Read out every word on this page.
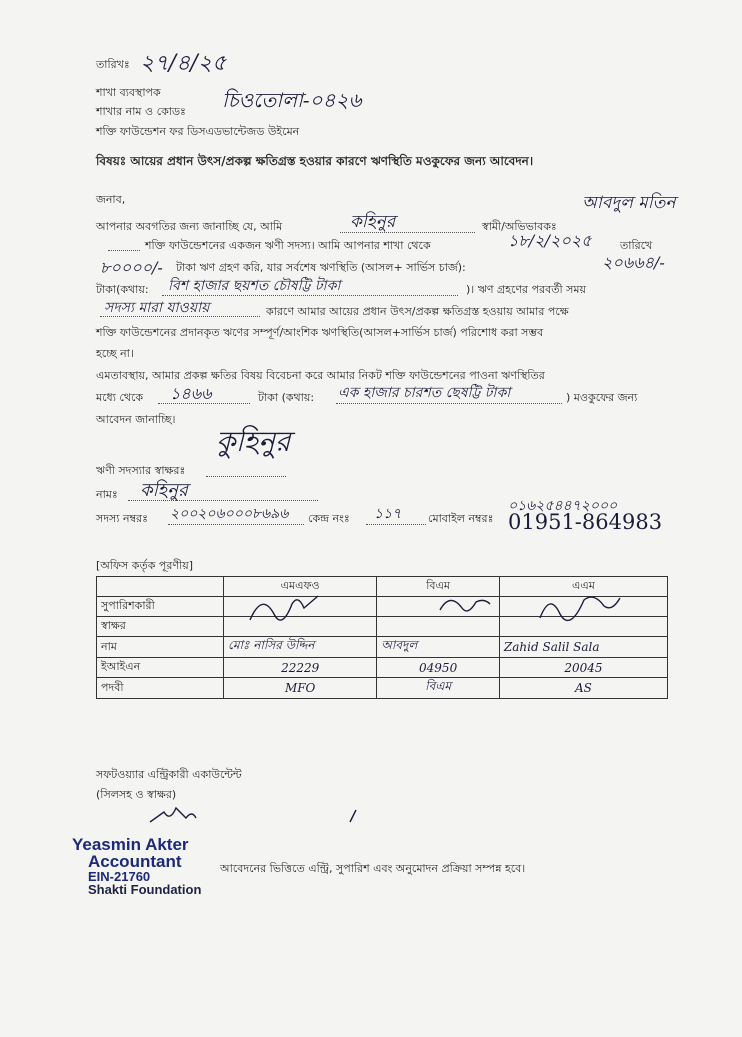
তারিখঃ ২৭/৪/২৫
শাখা ব্যবস্থাপক
শাখার নাম ও কোডঃ চিওতোলা-০৪২৬
শক্তি ফাউন্ডেশন ফর ডিসএডভান্টেজড উইমেন
বিষয়ঃ আয়ের প্রধান উৎস/প্রকল্প ক্ষতিগ্রস্ত হওয়ার কারণে ঋণস্থিতি মওকুফের জন্য আবেদন।
জনাব,
আপনার অবগতির জন্য জানাচ্ছি যে, আমি	কহিনুর	স্বামী/অভিভাবকঃ
আবদুল মতিন
শক্তি ফাউন্ডেশনের একজন ঋণী সদস্য। আমি আপনার শাখা থেকে	১৮/২/২০২৫	তারিখে
৮০০০০/- টাকা ঋণ গ্রহণ করি, যার সর্বশেষ ঋণস্থিতি (আসল+ সার্ভিস চার্জ):	২০৬৬৪/-
টাকা(কথায়: বিশ হাজার ছয়শত চৌষট্টি টাকা	)। ঋণ গ্রহণের পরবর্তী সময়
সদস্য মারা যাওয়ায়	কারণে আমার আয়ের প্রধান উৎস/প্রকল্প ক্ষতিগ্রস্ত হওয়ায় আমার পক্ষে
শক্তি ফাউন্ডেশনের প্রদানকৃত ঋণের সম্পূর্ণ/আংশিক ঋণস্থিতি(আসল+সার্ভিস চার্জ) পরিশোধ করা সম্ভব
হচ্ছে না।
এমতাবস্থায়, আমার প্রকল্প ক্ষতির বিষয় বিবেচনা করে আমার নিকট শক্তি ফাউন্ডেশনের পাওনা ঋণস্থিতির
মধ্যে থেকে ১৪৬৬	টাকা (কথায়: এক হাজার চারশত ছেষট্টি টাকা	) মওকুফের জন্য
আবেদন জানাচ্ছি।
কুহিনুর
ঋণী সদস্যার স্বাক্ষরঃ
নামঃ কহিনুর
সদস্য নম্বরঃ ২০০২০৬০০০৮৬৯৬ কেন্দ্র নংঃ ১১৭ মোবাইল নম্বরঃ
০১৬২৫৪৪৭২০০০
01951-864983
[অফিস কর্তৃক পূরণীয়]
	এমএফও	বিএম	এএম
সুপারিশকারী			
স্বাক্ষর			
নাম	মোঃ নাসির উদ্দিন	আবদুল	Zahid Salil Sala
ইআইএন	22229	04950	20045
পদবী	MFO	বিএম	AS
সফটওয়্যার এন্ট্রিকারী একাউন্টেন্ট
(সিলসহ ও স্বাক্ষর)
Yeasmin Akter
Accountant
EIN-21760
Shakti Foundation
আবেদনের ভিত্তিতে এন্ট্রি, সুপারিশ এবং অনুমোদন প্রক্রিয়া সম্পন্ন হবে।
